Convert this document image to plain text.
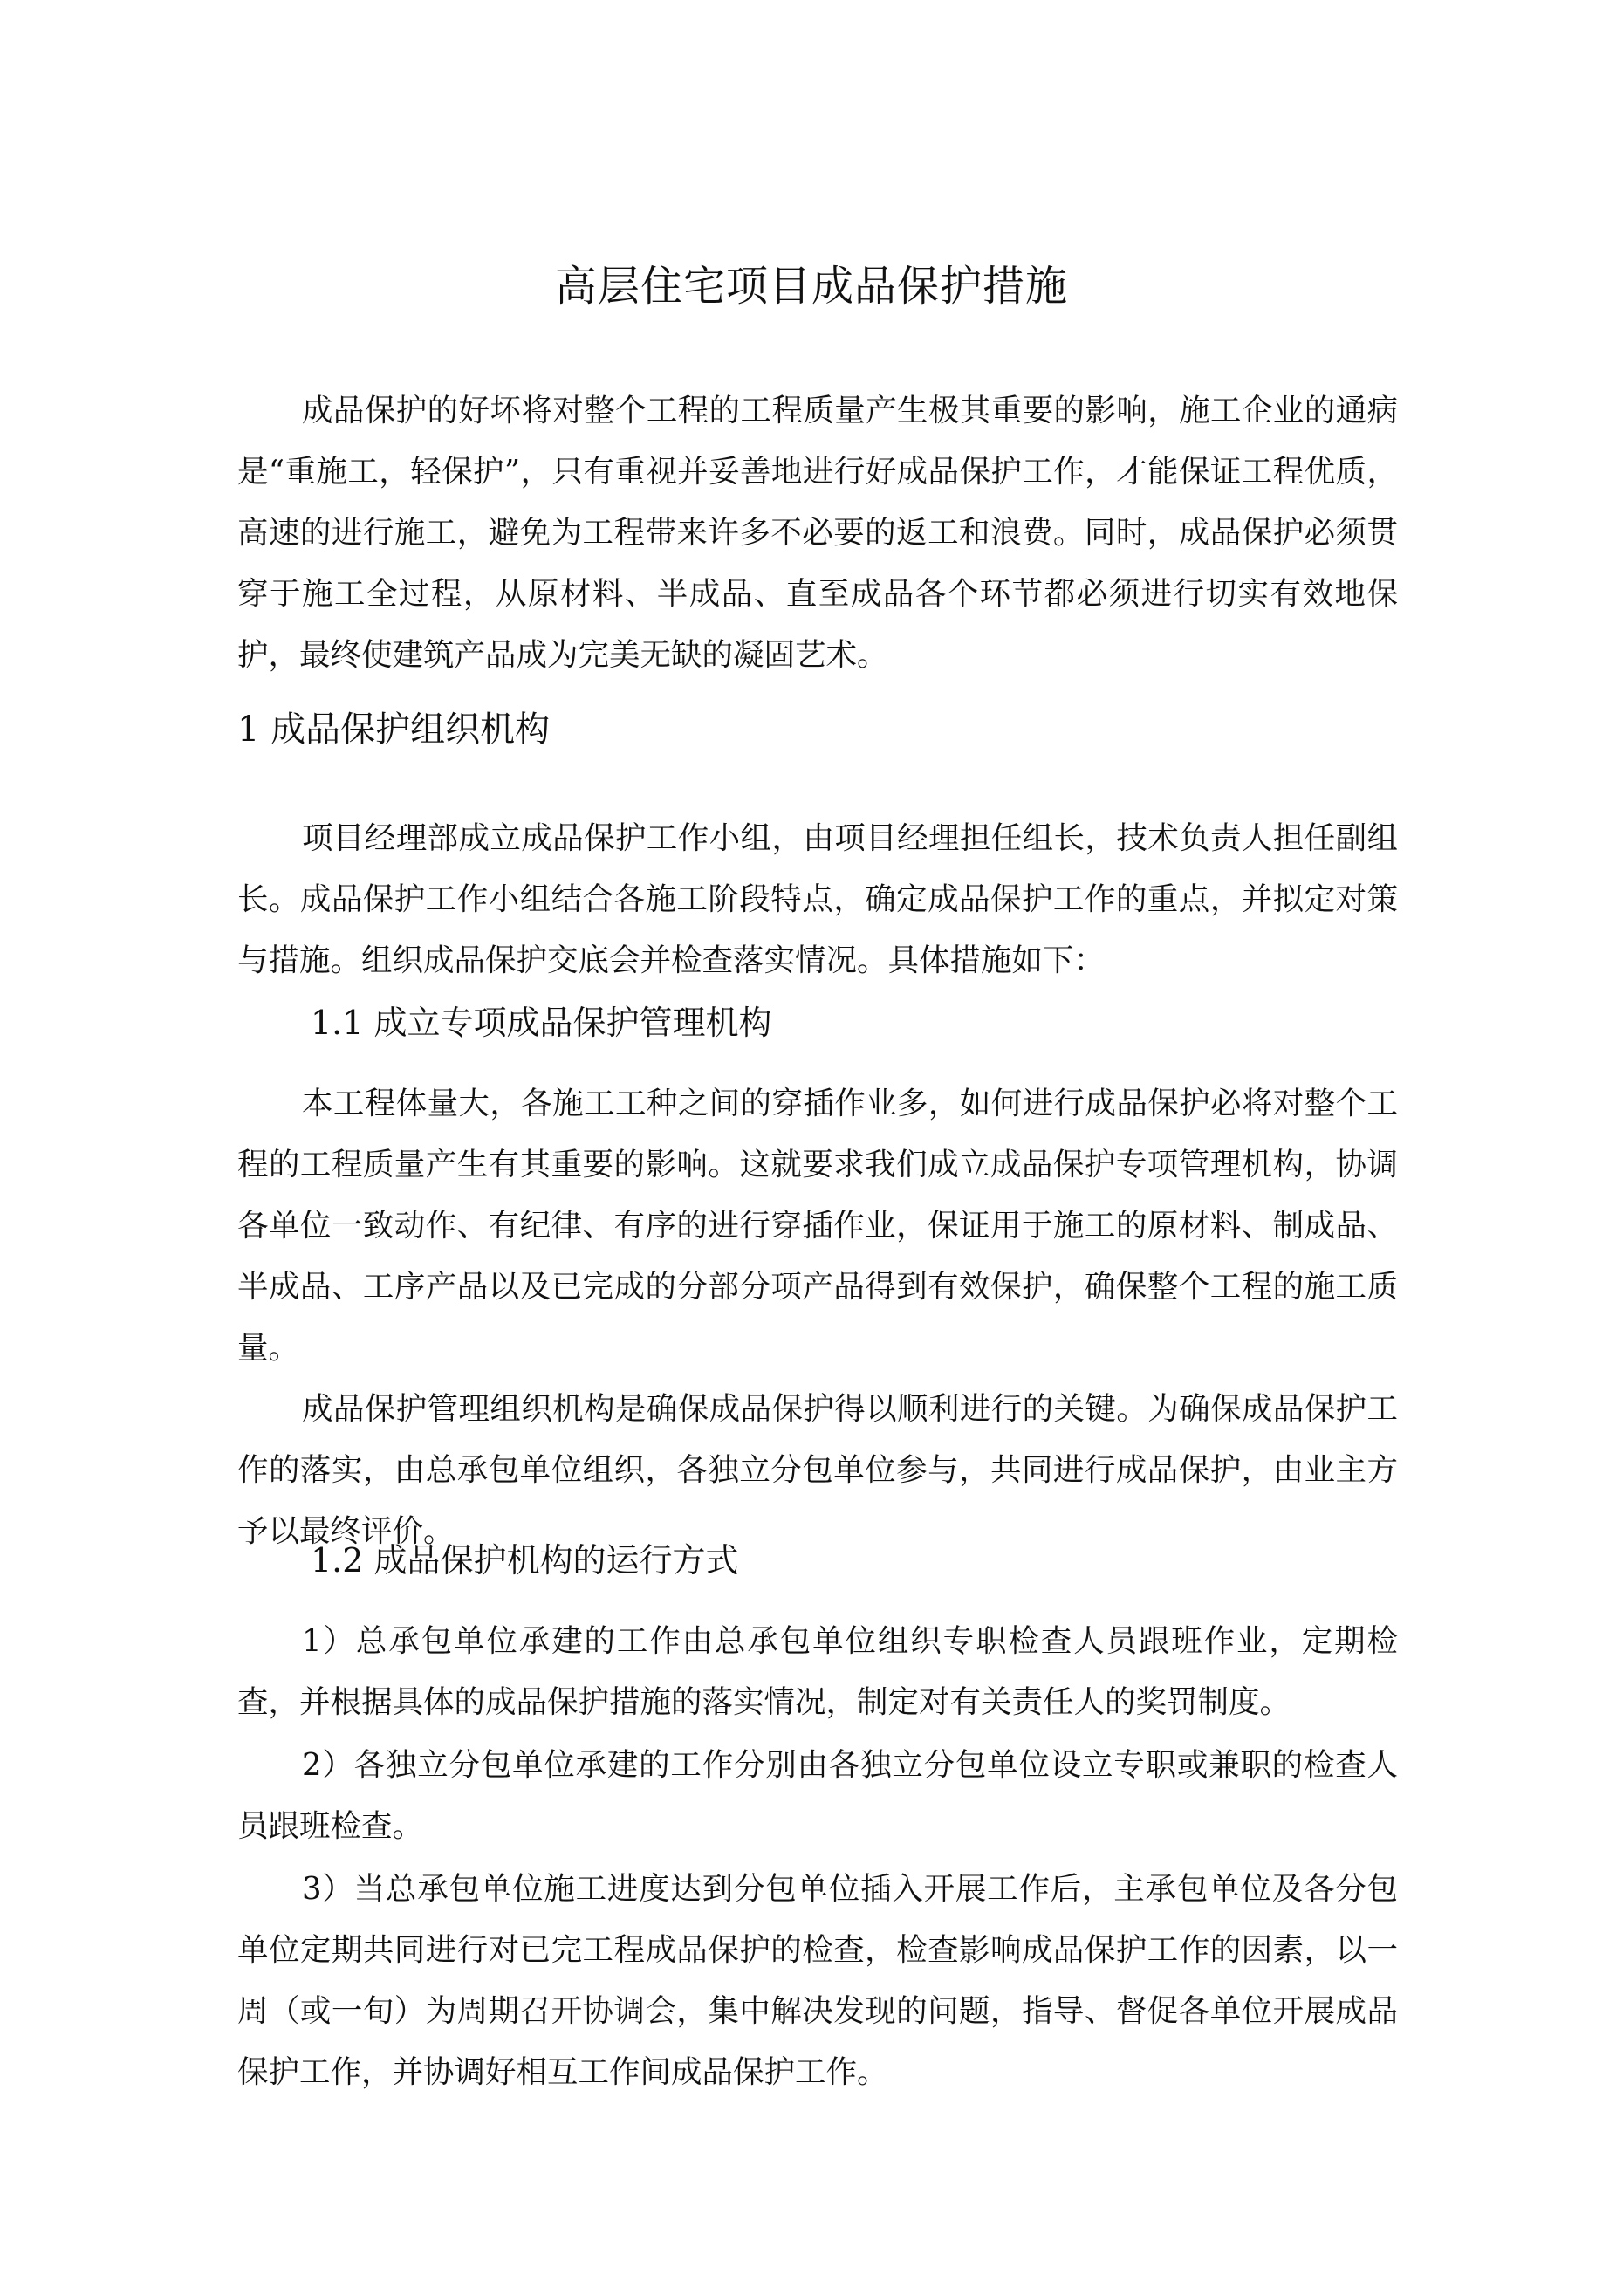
高层住宅项目成品保护措施

成品保护的好坏将对整个工程的工程质量产生极其重要的影响，施工企业的通病是“重施工，轻保护”，只有重视并妥善地进行好成品保护工作，才能保证工程优质，高速的进行施工，避免为工程带来许多不必要的返工和浪费。同时，成品保护必须贯穿于施工全过程，从原材料、半成品、直至成品各个环节都必须进行切实有效地保护，最终使建筑产品成为完美无缺的凝固艺术。

1 成品保护组织机构

项目经理部成立成品保护工作小组，由项目经理担任组长，技术负责人担任副组长。成品保护工作小组结合各施工阶段特点，确定成品保护工作的重点，并拟定对策与措施。组织成品保护交底会并检查落实情况。具体措施如下：

1.1 成立专项成品保护管理机构

本工程体量大，各施工工种之间的穿插作业多，如何进行成品保护必将对整个工程的工程质量产生有其重要的影响。这就要求我们成立成品保护专项管理机构，协调各单位一致动作、有纪律、有序的进行穿插作业，保证用于施工的原材料、制成品、半成品、工序产品以及已完成的分部分项产品得到有效保护，确保整个工程的施工质量。

成品保护管理组织机构是确保成品保护得以顺利进行的关键。为确保成品保护工作的落实，由总承包单位组织，各独立分包单位参与，共同进行成品保护，由业主方予以最终评价。

1.2 成品保护机构的运行方式

1）总承包单位承建的工作由总承包单位组织专职检查人员跟班作业，定期检查，并根据具体的成品保护措施的落实情况，制定对有关责任人的奖罚制度。

2）各独立分包单位承建的工作分别由各独立分包单位设立专职或兼职的检查人员跟班检查。

3）当总承包单位施工进度达到分包单位插入开展工作后，主承包单位及各分包单位定期共同进行对已完工程成品保护的检查，检查影响成品保护工作的因素，以一周（或一旬）为周期召开协调会，集中解决发现的问题，指导、督促各单位开展成品保护工作，并协调好相互工作间成品保护工作。
